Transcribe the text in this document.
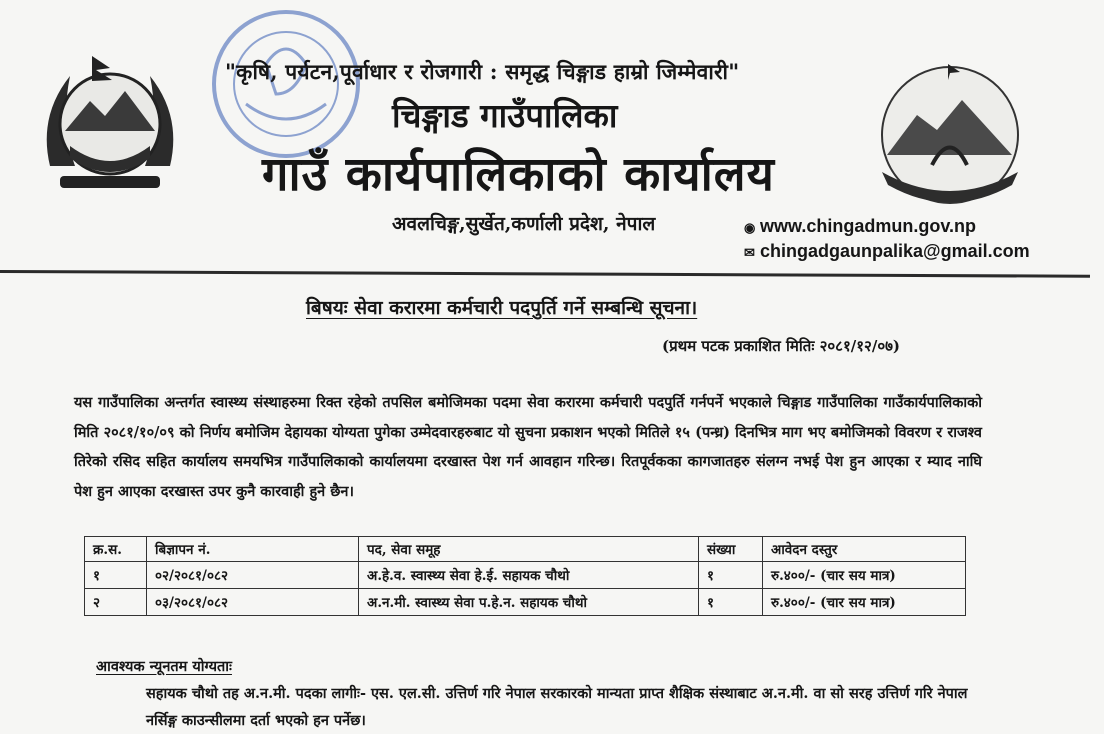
"कृषि, पर्यटन,पूर्वाधार र रोजगारी : समृद्ध चिङ्गाड हाम्रो जिम्मेवारी"
चिङ्गाड गाउँपालिका
गाउँ कार्यपालिकाको कार्यालय
अवलचिङ्ग,सुर्खेत,कर्णाली प्रदेश, नेपाल	◉ www.chingadmun.gov.np
✉ chingadgaunpalika@gmail.com
बिषयः सेवा करारमा कर्मचारी पदपुर्ति गर्ने सम्बन्धि सूचना।
(प्रथम पटक प्रकाशित मितिः २०८१/१२/०७)
यस गाउँपालिका अन्तर्गत स्वास्थ्य संस्थाहरुमा रिक्त रहेको तपसिल बमोजिमका पदमा सेवा करारमा कर्मचारी पदपुर्ति गर्नपर्ने भएकाले चिङ्गाड गाउँपालिका गाउँकार्यपालिकाको मिति २०८१/१०/०९ को निर्णय बमोजिम देहायका योग्यता पुगेका उम्मेदवारहरुबाट यो सुचना प्रकाशन भएको मितिले १५ (पन्ध्र) दिनभित्र माग भए बमोजिमको विवरण र राजश्व तिरेको रसिद सहित कार्यालय समयभित्र गाउँपालिकाको कार्यालयमा दरखास्त पेश गर्न आवहान गरिन्छ। रितपूर्वकका कागजातहरु संलग्न नभई पेश हुन आएका र म्याद नाघि पेश हुन आएका दरखास्त उपर कुनै कारवाही हुने छैन।
क्र.स.	बिज्ञापन नं.	पद, सेवा समूह	संख्या	आवेदन दस्तुर
१	०२/२०८१/०८२	अ.हे.व. स्वास्थ्य सेवा हे.ई. सहायक चौथो	१	रु.४००/- (चार सय मात्र)
२	०३/२०८१/०८२	अ.न.मी. स्वास्थ्य सेवा प.हे.न. सहायक चौथो	१	रु.४००/- (चार सय मात्र)
आवश्यक न्यूनतम योग्यताः
सहायक चौथो तह अ.न.मी. पदका लागीः- एस. एल.सी. उत्तिर्ण गरि नेपाल सरकारको मान्यता प्राप्त शैक्षिक संस्थाबाट अ.न.मी. वा सो सरह उत्तिर्ण गरि नेपाल नर्सिङ्ग काउन्सीलमा दर्ता भएको हन पर्नेछ।
